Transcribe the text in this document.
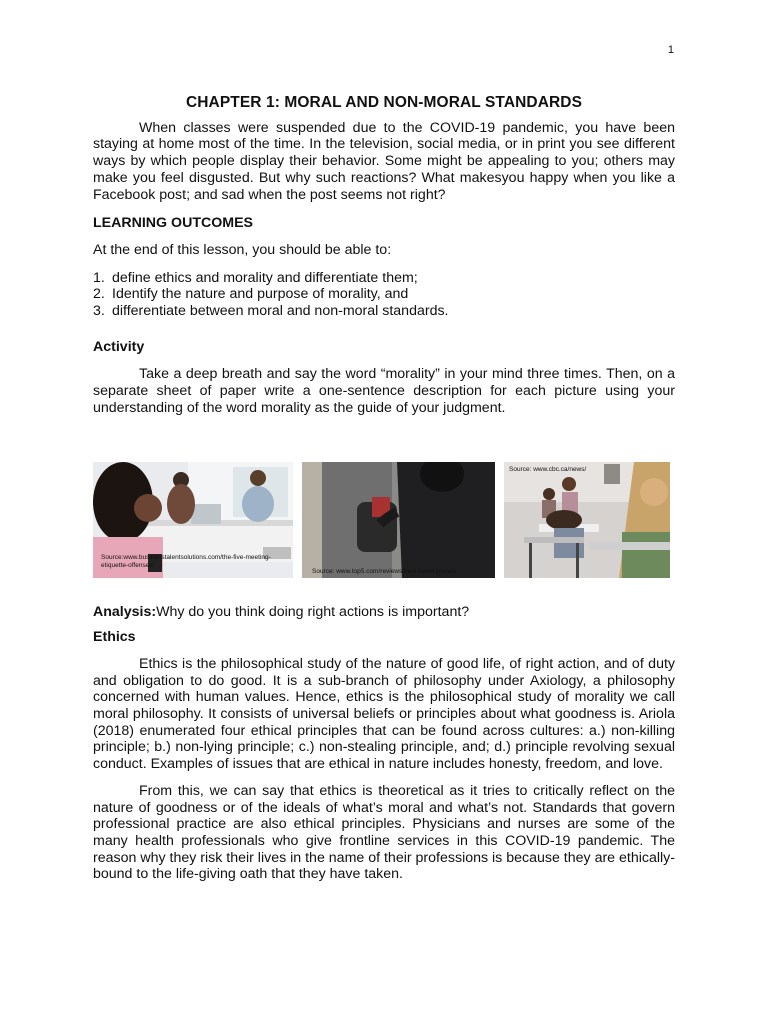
1
CHAPTER 1: MORAL AND NON-MORAL STANDARDS

When classes were suspended due to the COVID-19 pandemic, you have been staying at home most of the time. In the television, social media, or in print you see different ways by which people display their behavior. Some might be appealing to you; others may make you feel disgusted. But why such reactions? What makesyou happy when you like a Facebook post; and sad when the post seems not right?

LEARNING OUTCOMES

At the end of this lesson, you should be able to:

1. define ethics and morality and differentiate them;
2. Identify the nature and purpose of morality, and
3. differentiate between moral and non-moral standards.
Activity

Take a deep breath and say the word “morality” in your mind three times. Then, on a separate sheet of paper write a one-sentence description for each picture using your understanding of the word morality as the guide of your judgment.

Source:www.businesstalentsolutions.com/the-five-meeting-etiquette-offenses/
Source: www.top5.com/reviews/best-travel-purses
Source: www.cbc.ca/news/

Analysis:Why do you think doing right actions is important?

Ethics

Ethics is the philosophical study of the nature of good life, of right action, and of duty and obligation to do good. It is a sub-branch of philosophy under Axiology, a philosophy concerned with human values. Hence, ethics is the philosophical study of morality we call moral philosophy. It consists of universal beliefs or principles about what goodness is. Ariola (2018) enumerated four ethical principles that can be found across cultures: a.) non-killing principle; b.) non-lying principle; c.) non-stealing principle, and; d.) principle revolving sexual conduct. Examples of issues that are ethical in nature includes honesty, freedom, and love.

From this, we can say that ethics is theoretical as it tries to critically reflect on the nature of goodness or of the ideals of what’s moral and what’s not. Standards that govern professional practice are also ethical principles. Physicians and nurses are some of the many health professionals who give frontline services in this COVID-19 pandemic. The reason why they risk their lives in the name of their professions is because they are ethically-bound to the life-giving oath that they have taken.
